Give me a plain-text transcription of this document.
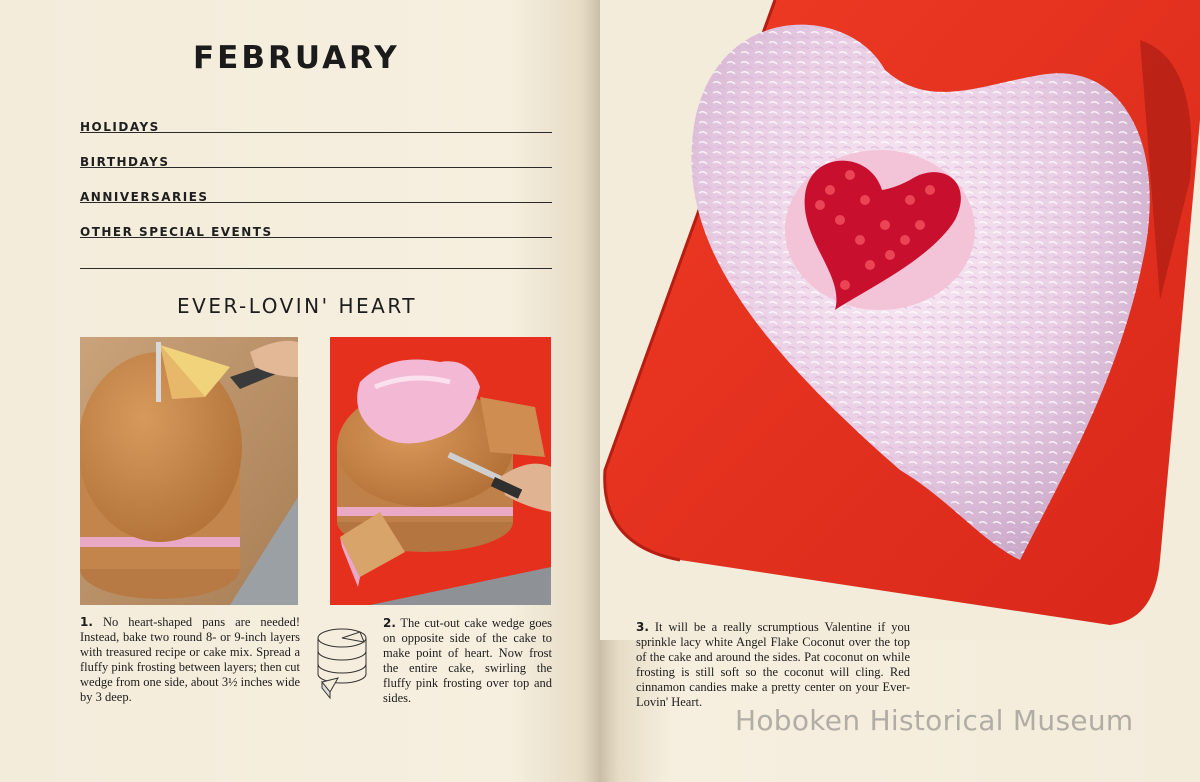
FEBRUARY
HOLIDAYS
BIRTHDAYS
ANNIVERSARIES
OTHER SPECIAL EVENTS
EVER-LOVIN' HEART
1. No heart-shaped pans are needed! Instead, bake two round 8- or 9-inch layers with treasured recipe or cake mix. Spread a fluffy pink frosting between layers; then cut wedge from one side, about 3½ inches wide by 3 deep.
2. The cut-out cake wedge goes on opposite side of the cake to make point of heart. Now frost the entire cake, swirling the fluffy pink frosting over top and sides.
3. It will be a really scrumptious Valentine if you sprinkle lacy white Angel Flake Coconut over the top of the cake and around the sides. Pat coconut on while frosting is still soft so the coconut will cling. Red cinnamon candies make a pretty center on your Ever-Lovin' Heart.
Hoboken Historical Museum
